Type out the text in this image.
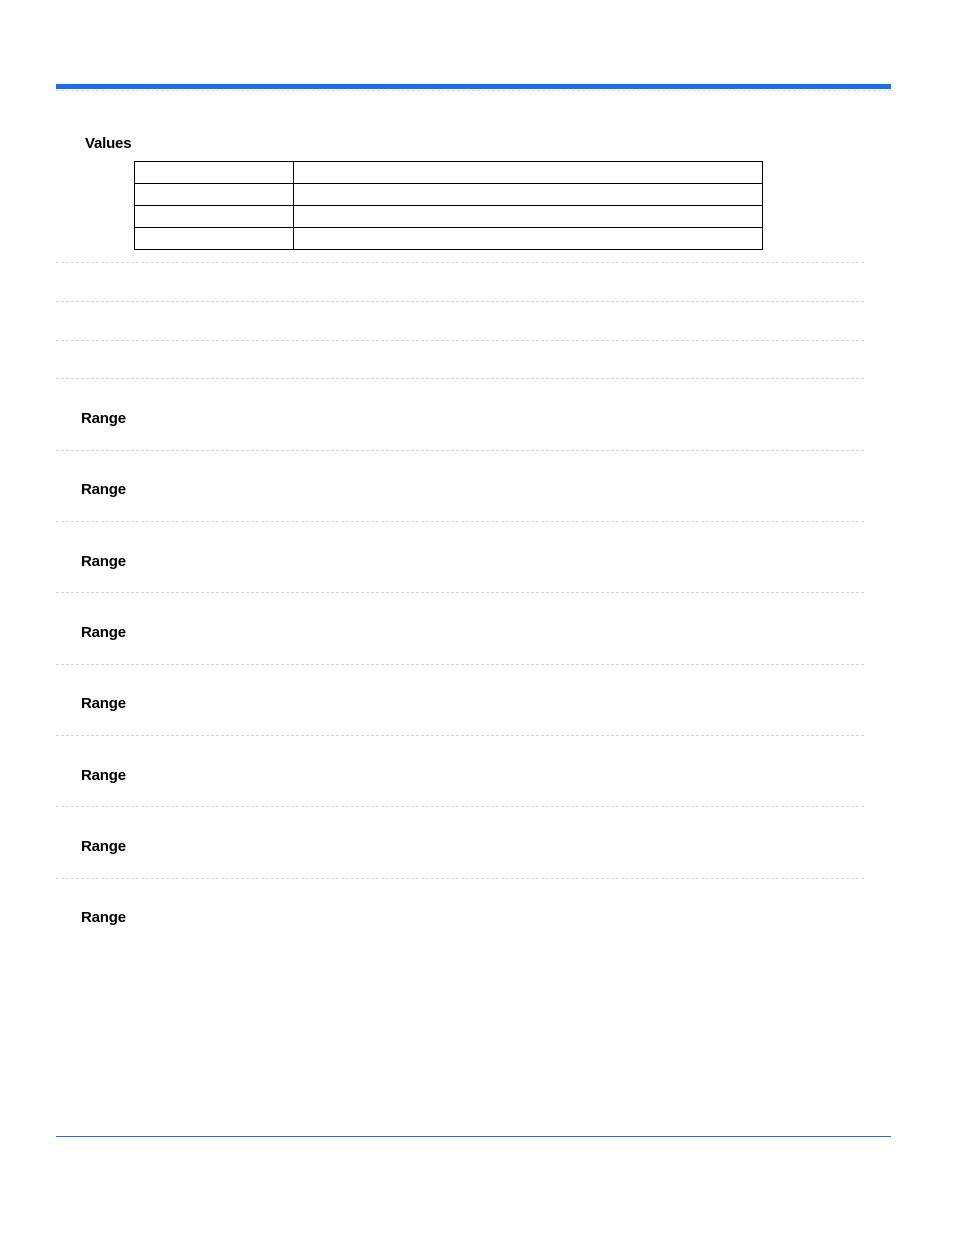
Values

Range
Range
Range
Range
Range
Range
Range
Range
